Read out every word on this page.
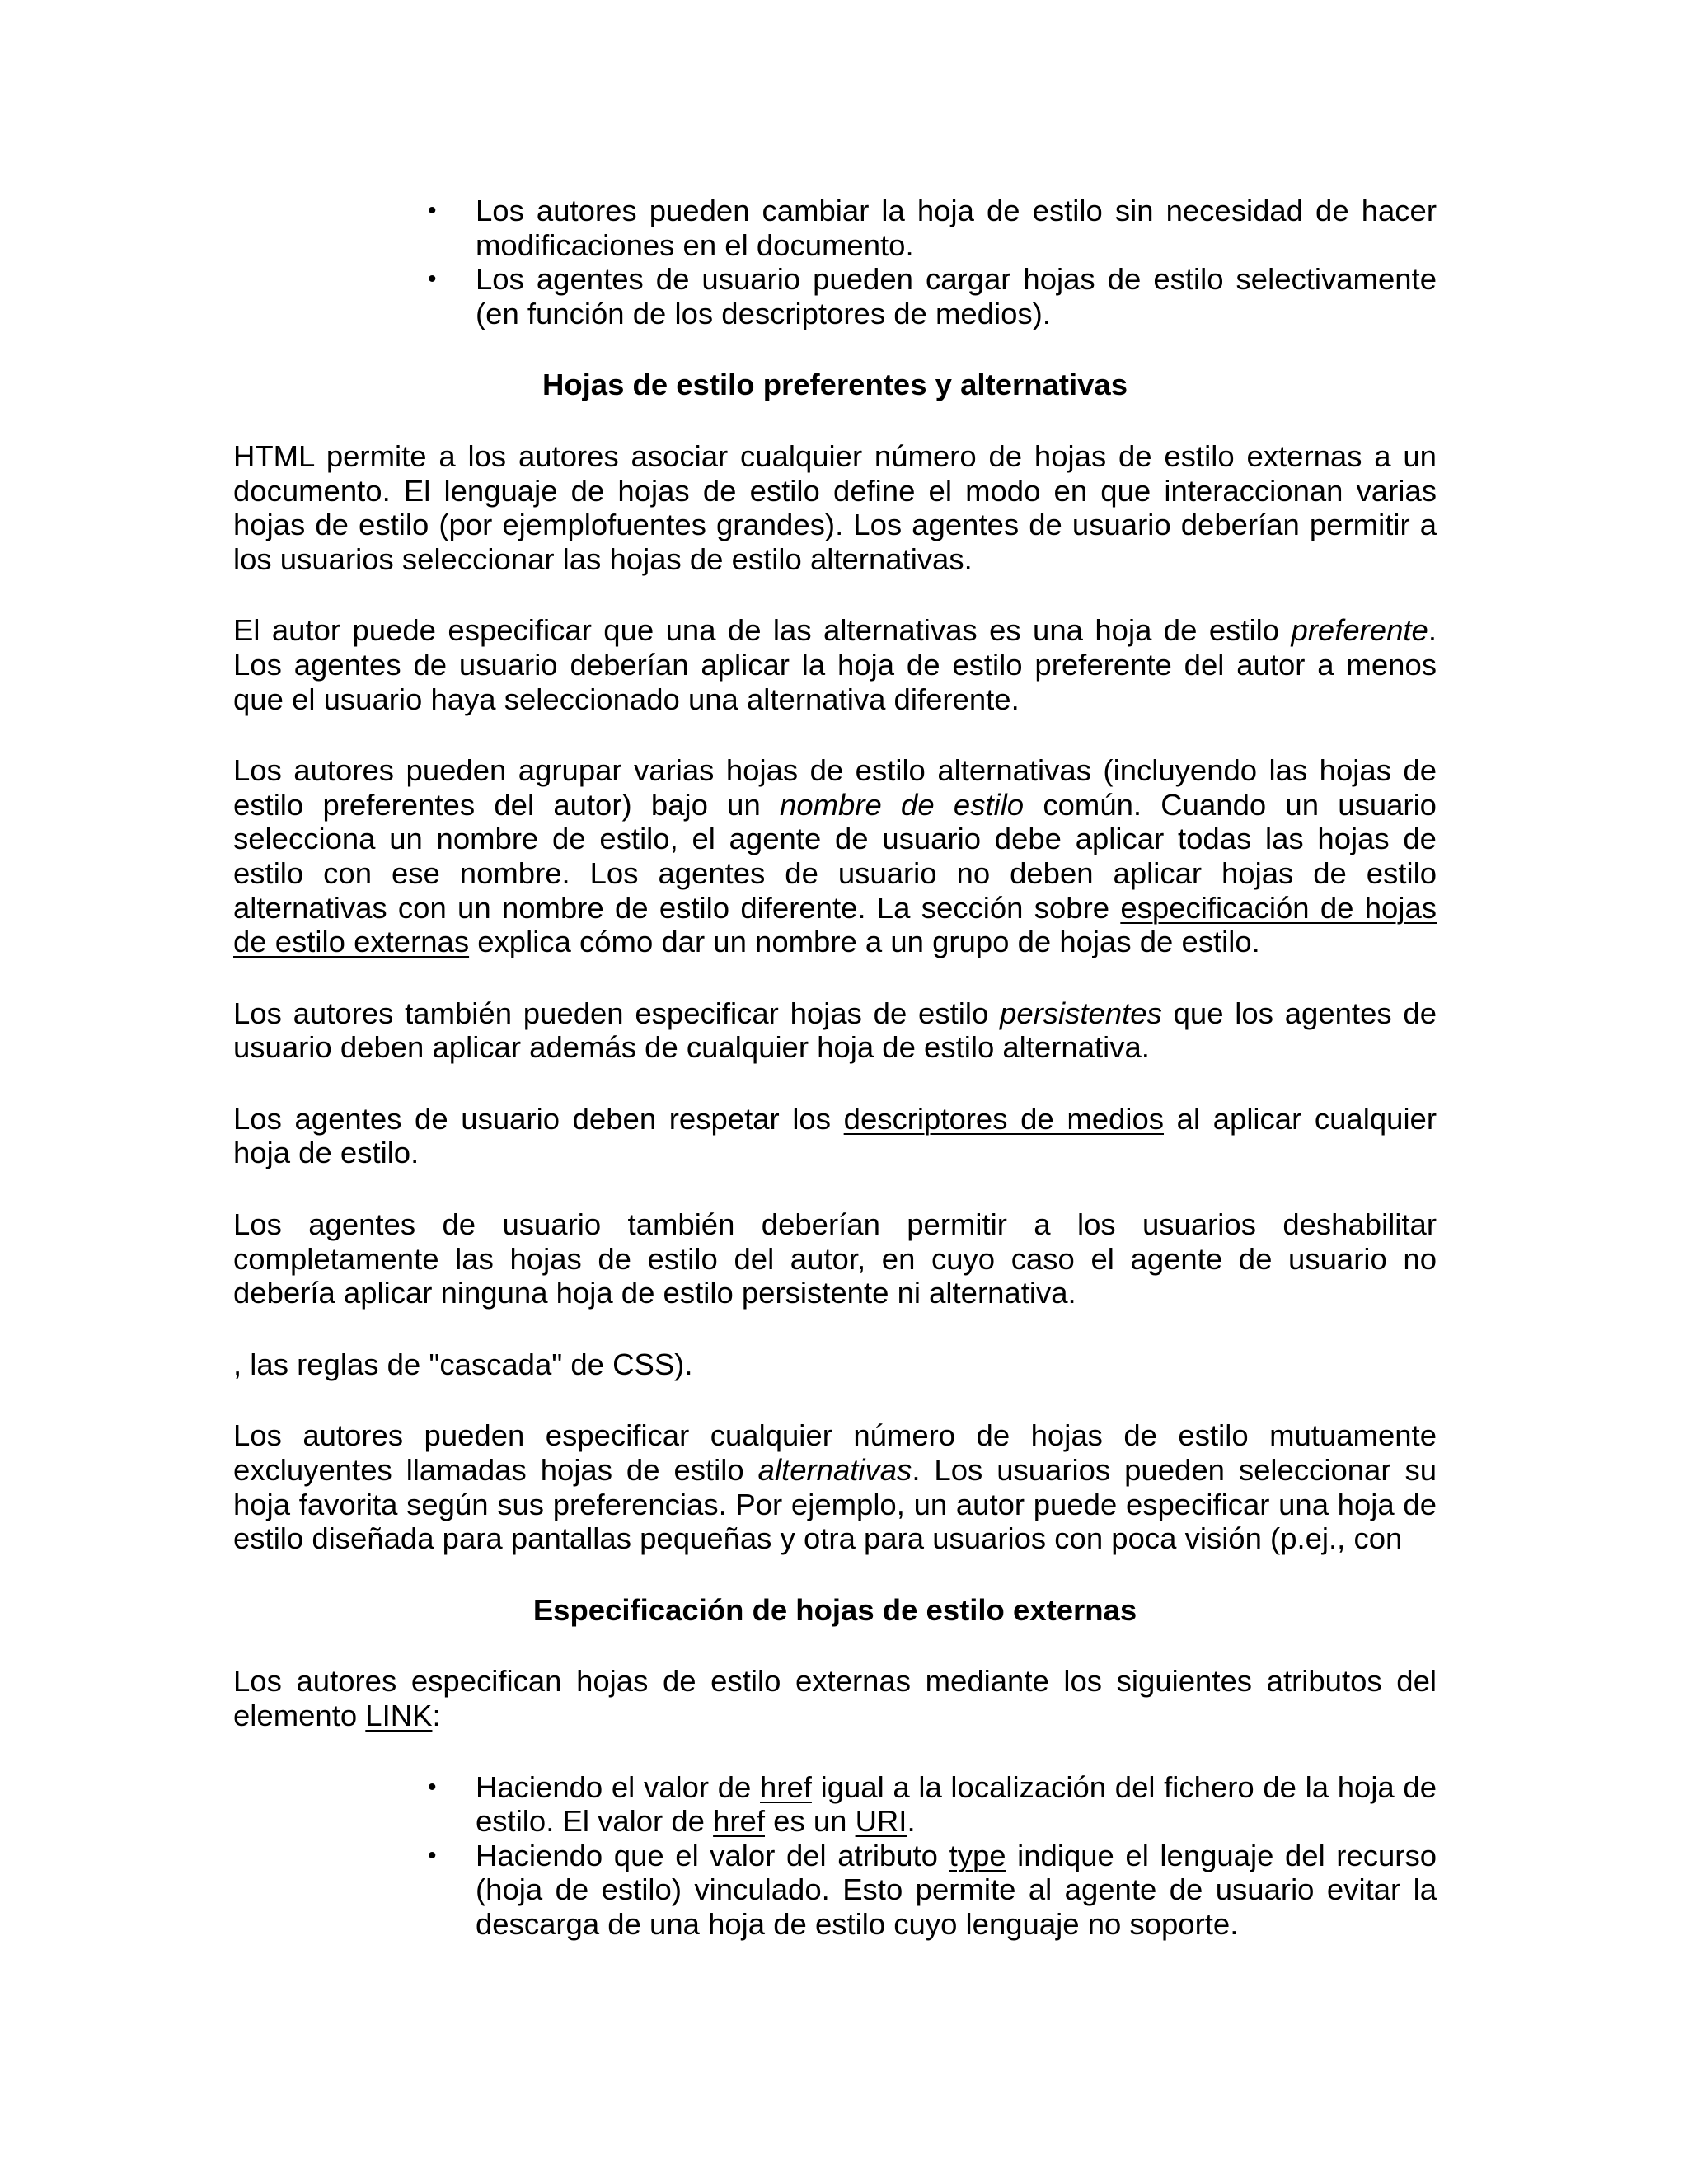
• Los autores pueden cambiar la hoja de estilo sin necesidad de hacer modificaciones en el documento.
• Los agentes de usuario pueden cargar hojas de estilo selectivamente (en función de los descriptores de medios).
Hojas de estilo preferentes y alternativas

HTML permite a los autores asociar cualquier número de hojas de estilo externas a un documento. El lenguaje de hojas de estilo define el modo en que interaccionan varias hojas de estilo (por ejemplofuentes grandes). Los agentes de usuario deberían permitir a los usuarios seleccionar las hojas de estilo alternativas.

El autor puede especificar que una de las alternativas es una hoja de estilo preferente. Los agentes de usuario deberían aplicar la hoja de estilo preferente del autor a menos que el usuario haya seleccionado una alternativa diferente.

Los autores pueden agrupar varias hojas de estilo alternativas (incluyendo las hojas de estilo preferentes del autor) bajo un nombre de estilo común. Cuando un usuario selecciona un nombre de estilo, el agente de usuario debe aplicar todas las hojas de estilo con ese nombre. Los agentes de usuario no deben aplicar hojas de estilo alternativas con un nombre de estilo diferente. La sección sobre especificación de hojas de estilo externas explica cómo dar un nombre a un grupo de hojas de estilo.

Los autores también pueden especificar hojas de estilo persistentes que los agentes de usuario deben aplicar además de cualquier hoja de estilo alternativa.

Los agentes de usuario deben respetar los descriptores de medios al aplicar cualquier hoja de estilo.

Los agentes de usuario también deberían permitir a los usuarios deshabilitar completamente las hojas de estilo del autor, en cuyo caso el agente de usuario no debería aplicar ninguna hoja de estilo persistente ni alternativa.

, las reglas de "cascada" de CSS).

Los autores pueden especificar cualquier número de hojas de estilo mutuamente excluyentes llamadas hojas de estilo alternativas. Los usuarios pueden seleccionar su hoja favorita según sus preferencias. Por ejemplo, un autor puede especificar una hoja de estilo diseñada para pantallas pequeñas y otra para usuarios con poca visión (p.ej., con

Especificación de hojas de estilo externas

Los autores especifican hojas de estilo externas mediante los siguientes atributos del elemento LINK:

• Haciendo el valor de href igual a la localización del fichero de la hoja de estilo. El valor de href es un URI.
• Haciendo que el valor del atributo type indique el lenguaje del recurso (hoja de estilo) vinculado. Esto permite al agente de usuario evitar la descarga de una hoja de estilo cuyo lenguaje no soporte.
